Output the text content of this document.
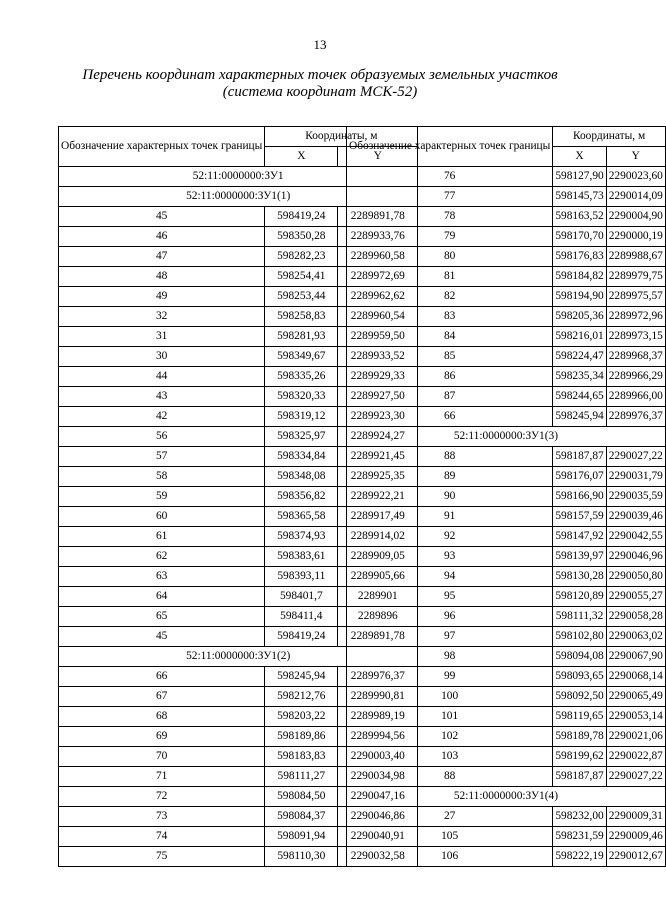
13
Перечень координат характерных точек образуемых земельных участков
(система координат МСК-52)
Обозначение характерных точек границы	Координаты, м	
	X	Y
52:11:0000000:ЗУ1		
52:11:0000000:ЗУ1(1)		
45	598419,24	2289891,78
46	598350,28	2289933,76
47	598282,23	2289960,58
48	598254,41	2289972,69
49	598253,44	2289962,62
32	598258,83	2289960,54
31	598281,93	2289959,50
30	598349,67	2289933,52
44	598335,26	2289929,33
43	598320,33	2289927,50
42	598319,12	2289923,30
56	598325,97	2289924,27
57	598334,84	2289921,45
58	598348,08	2289925,35
59	598356,82	2289922,21
60	598365,58	2289917,49
61	598374,93	2289914,02
62	598383,61	2289909,05
63	598393,11	2289905,66
64	598401,7	2289901
65	598411,4	2289896
45	598419,24	2289891,78
52:11:0000000:ЗУ1(2)		
66	598245,94	2289976,37
67	598212,76	2289990,81
68	598203,22	2289989,19
69	598189,86	2289994,56
70	598183,83	2290003,40
71	598111,27	2290034,98
72	598084,50	2290047,16
73	598084,37	2290046,86
74	598091,94	2290040,91
75	598110,30	2290032,58
Обозначение характерных точек границы	Координаты, м	
	X	Y
76	598127,90	2290023,60
77	598145,73	2290014,09
78	598163,52	2290004,90
79	598170,70	2290000,19
80	598176,83	2289988,67
81	598184,82	2289979,75
82	598194,90	2289975,57
83	598205,36	2289972,96
84	598216,01	2289973,15
85	598224,47	2289968,37
86	598235,34	2289966,29
87	598244,65	2289966,00
66	598245,94	2289976,37
52:11:0000000:ЗУ1(3)		
88	598187,87	2290027,22
89	598176,07	2290031,79
90	598166,90	2290035,59
91	598157,59	2290039,46
92	598147,92	2290042,55
93	598139,97	2290046,96
94	598130,28	2290050,80
95	598120,89	2290055,27
96	598111,32	2290058,28
97	598102,80	2290063,02
98	598094,08	2290067,90
99	598093,65	2290068,14
100	598092,50	2290065,49
101	598119,65	2290053,14
102	598189,78	2290021,06
103	598199,62	2290022,87
88	598187,87	2290027,22
52:11:0000000:ЗУ1(4)		
27	598232,00	2290009,31
105	598231,59	2290009,46
106	598222,19	2290012,67
